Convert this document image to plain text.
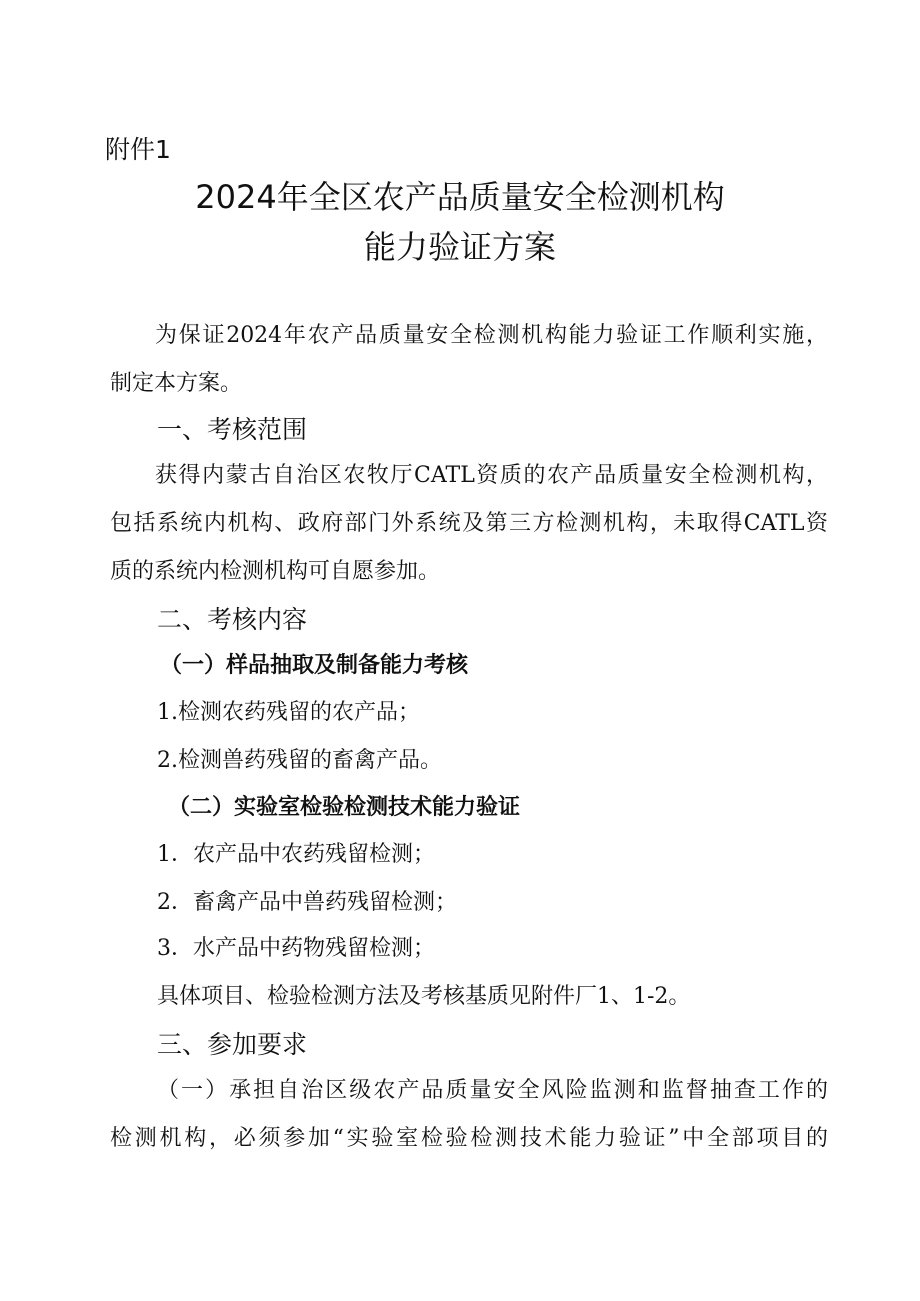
附件1
2024年全区农产品质量安全检测机构
能力验证方案
为保证2024年农产品质量安全检测机构能力验证工作顺利实施，
制定本方案。
一、考核范围
获得内蒙古自治区农牧厅CATL资质的农产品质量安全检测机构，
包括系统内机构、政府部门外系统及第三方检测机构，未取得CATL资
质的系统内检测机构可自愿参加。
二、考核内容
（一）样品抽取及制备能力考核
1.检测农药残留的农产品；
2.检测兽药残留的畜禽产品。
（二）实验室检验检测技术能力验证
1．农产品中农药残留检测；
2．畜禽产品中兽药残留检测；
3．水产品中药物残留检测；
具体项目、检验检测方法及考核基质见附件厂1、1-2。
三、参加要求
（一）承担自治区级农产品质量安全风险监测和监督抽查工作的
检测机构，必须参加“实验室检验检测技术能力验证”中全部项目的
